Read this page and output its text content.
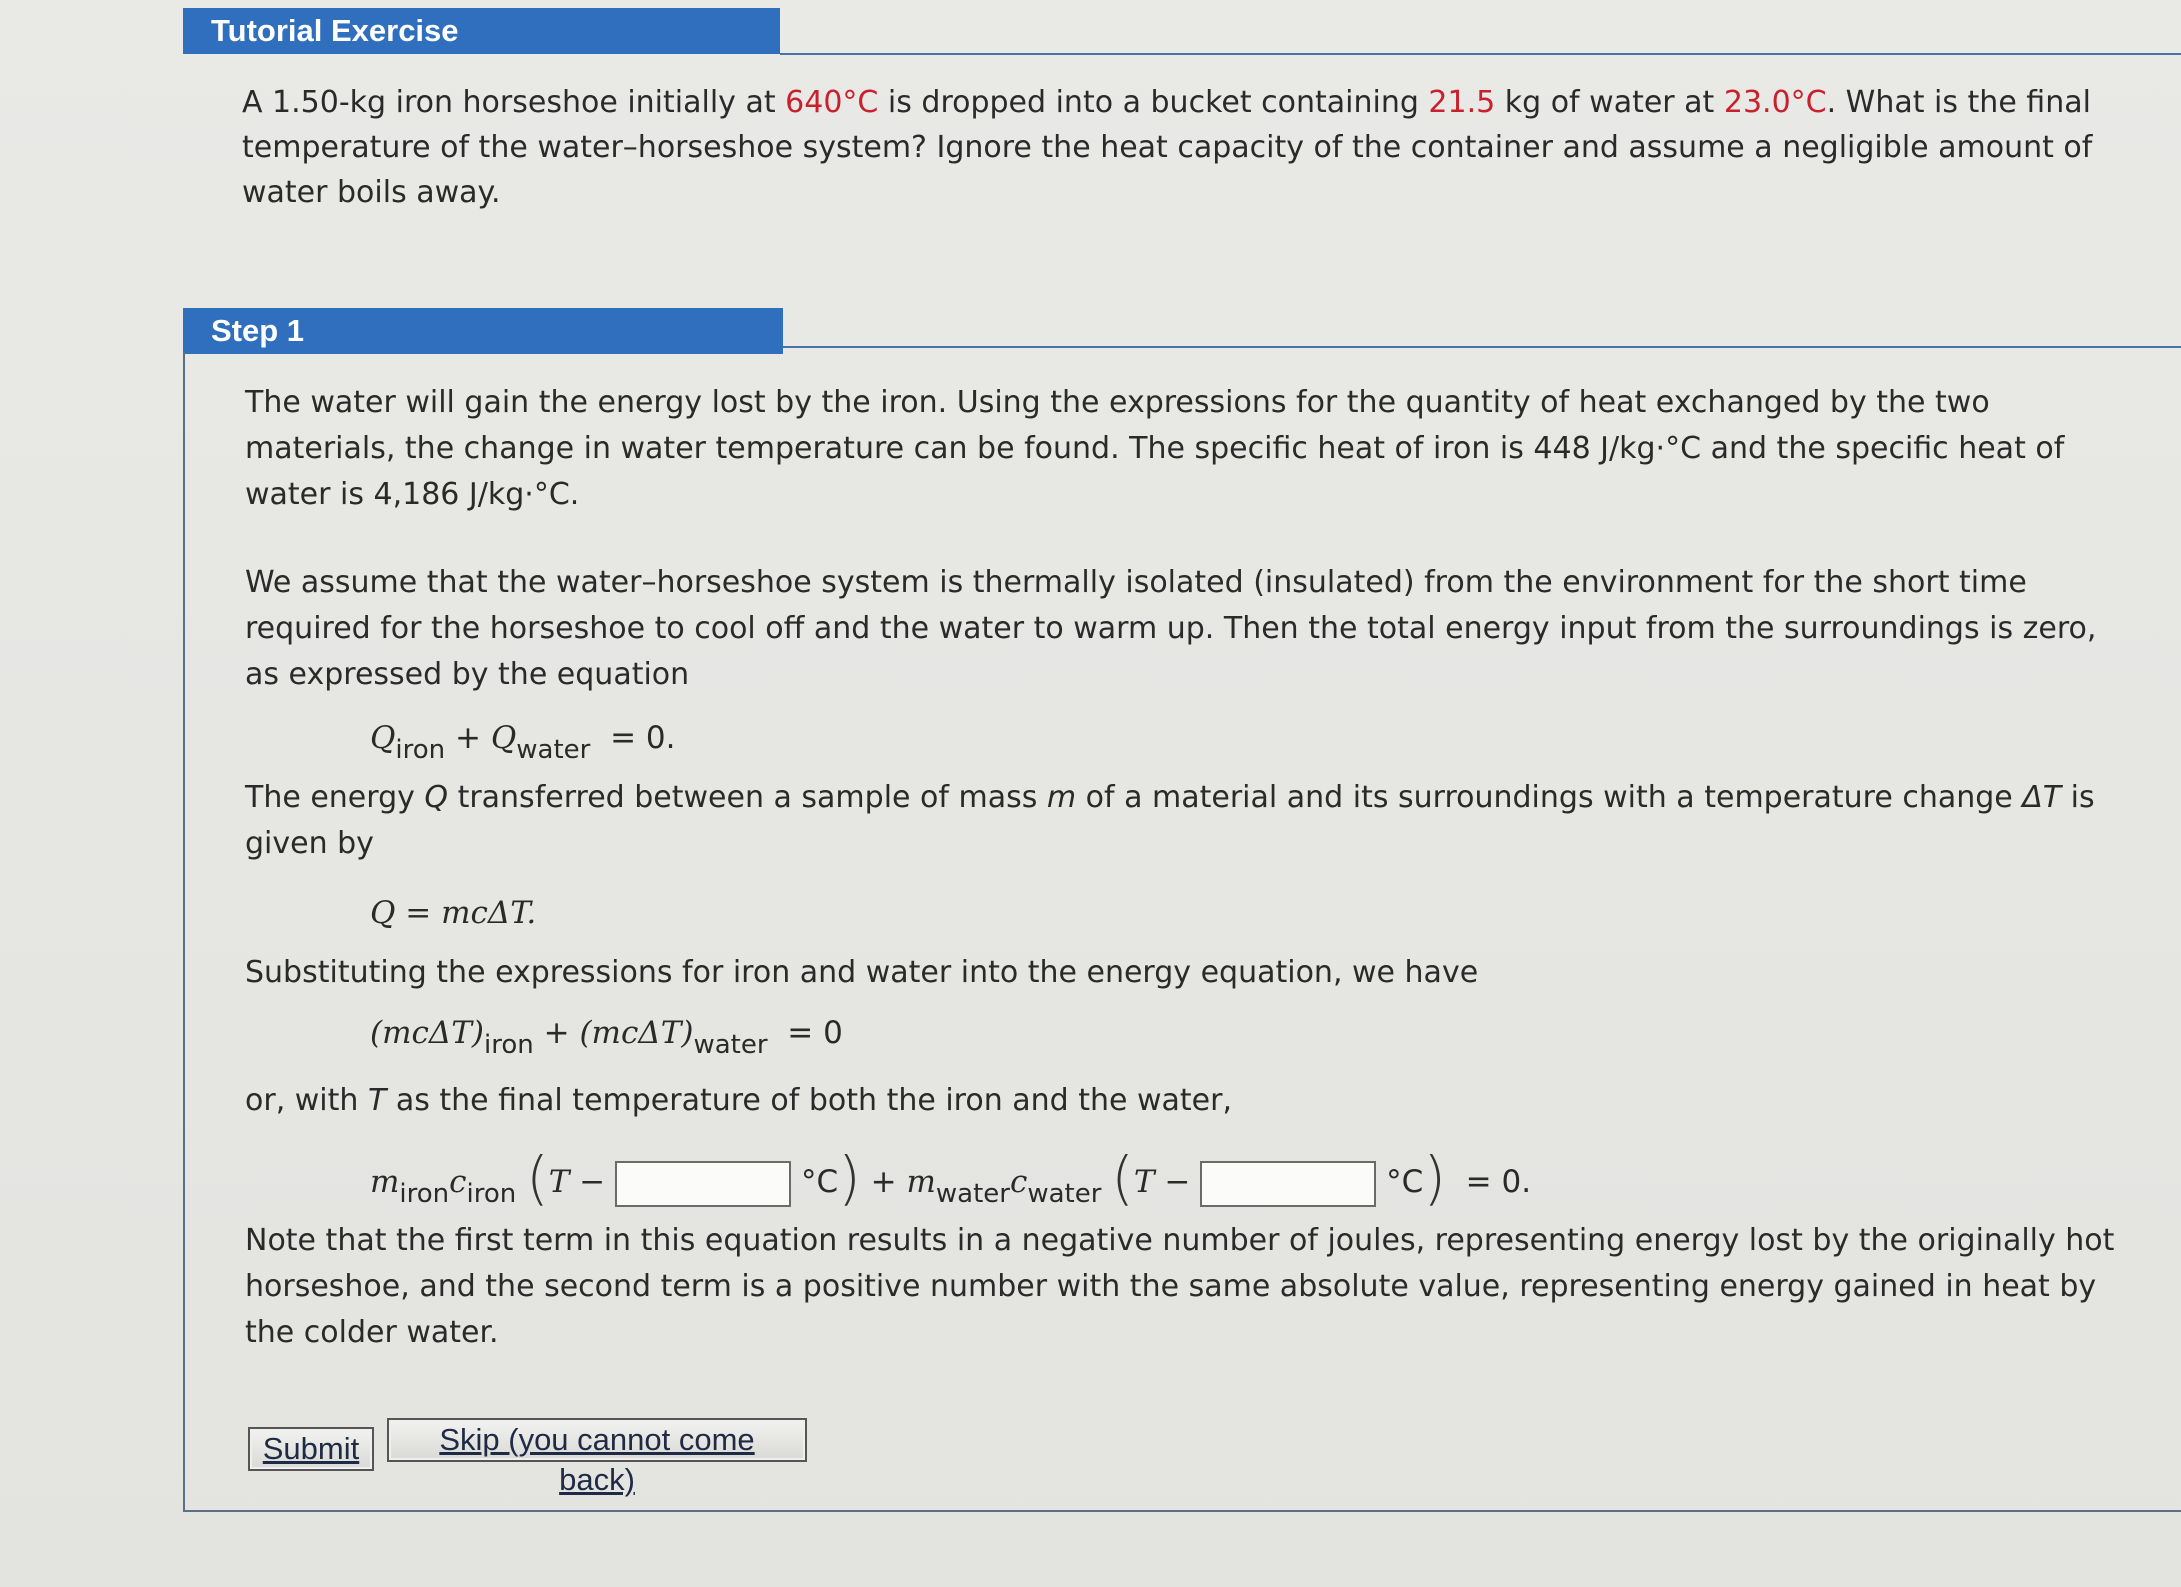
Tutorial Exercise
A 1.50-kg iron horseshoe initially at 640°C is dropped into a bucket containing 21.5 kg of water at 23.0°C. What is the final temperature of the water–horseshoe system? Ignore the heat capacity of the container and assume a negligible amount of water boils away.
Step 1
The water will gain the energy lost by the iron. Using the expressions for the quantity of heat exchanged by the two materials, the change in water temperature can be found. The specific heat of iron is 448 J/kg·°C and the specific heat of water is 4,186 J/kg·°C.
We assume that the water–horseshoe system is thermally isolated (insulated) from the environment for the short time required for the horseshoe to cool off and the water to warm up. Then the total energy input from the surroundings is zero, as expressed by the equation
$Q_{iron} + Q_{water} = 0$.
The energy Q transferred between a sample of mass m of a material and its surroundings with a temperature change ΔT is given by
Q = mcΔT.
Substituting the expressions for iron and water into the energy equation, we have
$(mc\Delta T)_{iron} + (mc\Delta T)_{water} = 0$
or, with T as the final temperature of both the iron and the water,
$m_{iron}c_{iron}$ (T −	$^\circ C) + m_{water}c_{water}$ (T −	°C) = 0.
Note that the first term in this equation results in a negative number of joules, representing energy lost by the originally hot horseshoe, and the second term is a positive number with the same absolute value, representing energy gained in heat by the colder water.
Submit	Skip (you cannot come back)
